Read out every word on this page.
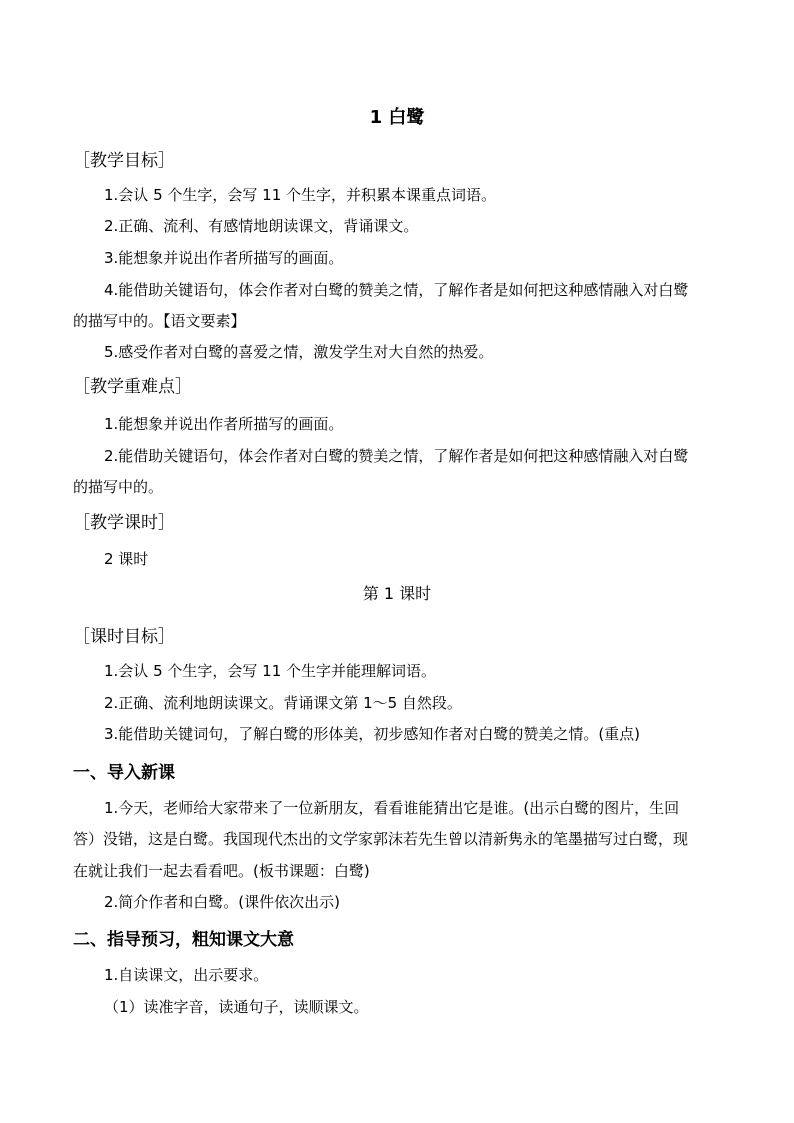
1 白鹭
［教学目标］
1.会认 5 个生字，会写 11 个生字，并积累本课重点词语。
2.正确、流利、有感情地朗读课文，背诵课文。
3.能想象并说出作者所描写的画面。
4.能借助关键语句，体会作者对白鹭的赞美之情，了解作者是如何把这种感情融入对白鹭
的描写中的。【语文要素】
5.感受作者对白鹭的喜爱之情，激发学生对大自然的热爱。
［教学重难点］
1.能想象并说出作者所描写的画面。
2.能借助关键语句，体会作者对白鹭的赞美之情，了解作者是如何把这种感情融入对白鹭
的描写中的。
［教学课时］
2 课时
第 1 课时
［课时目标］
1.会认 5 个生字，会写 11 个生字并能理解词语。
2.正确、流利地朗读课文。背诵课文第 1～5 自然段。
3.能借助关键词句，了解白鹭的形体美，初步感知作者对白鹭的赞美之情。(重点)
一、导入新课
1.今天，老师给大家带来了一位新朋友，看看谁能猜出它是谁。(出示白鹭的图片，生回
答）没错，这是白鹭。我国现代杰出的文学家郭沫若先生曾以清新隽永的笔墨描写过白鹭，现
在就让我们一起去看看吧。(板书课题：白鹭)
2.简介作者和白鹭。(课件依次出示)
二、指导预习，粗知课文大意
1.自读课文，出示要求。
（1）读准字音，读通句子，读顺课文。
